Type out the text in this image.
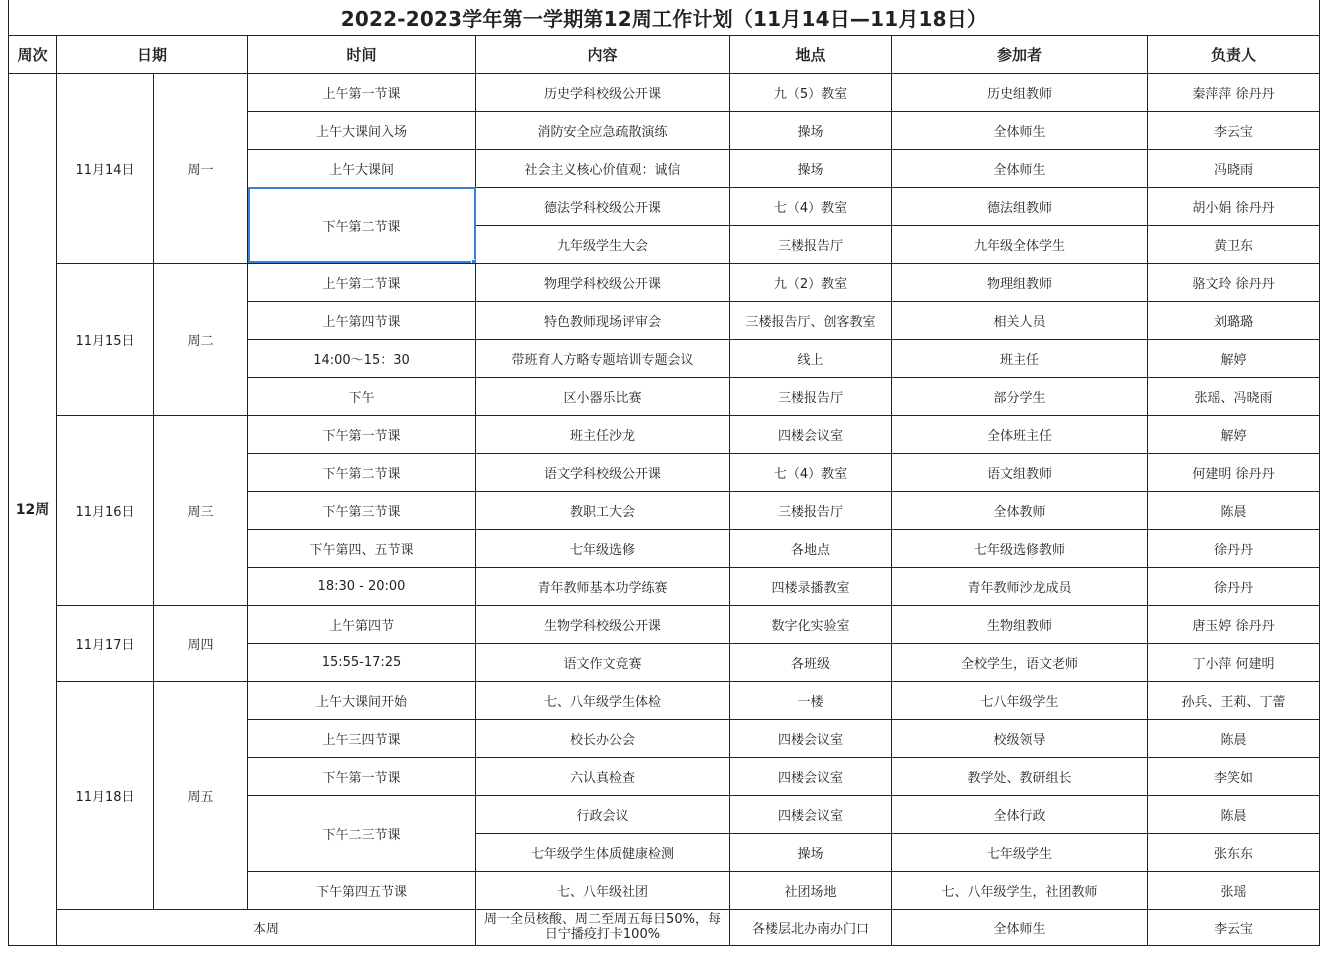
2022-2023学年第一学期第12周工作计划（11月14日—11月18日）							
周次	日期		时间	内容	地点	参加者	负责人
12周	11月14日	周一	上午第一节课	历史学科校级公开课	九（5）教室	历史组教师	秦萍萍 徐丹丹
			上午大课间入场	消防安全应急疏散演练	操场	全体师生	李云宝
			上午大课间	社会主义核心价值观：诚信	操场	全体师生	冯晓雨
			下午第二节课	德法学科校级公开课	七（4）教室	德法组教师	胡小娟 徐丹丹
				九年级学生大会	三楼报告厅	九年级全体学生	黄卫东
	11月15日	周二	上午第二节课	物理学科校级公开课	九（2）教室	物理组教师	骆文玲 徐丹丹
			上午第四节课	特色教师现场评审会	三楼报告厅、创客教室	相关人员	刘璐璐
			14:00～15：30	带班育人方略专题培训专题会议	线上	班主任	解婷
			下午	区小器乐比赛	三楼报告厅	部分学生	张瑶、冯晓雨
	11月16日	周三	下午第一节课	班主任沙龙	四楼会议室	全体班主任	解婷
			下午第二节课	语文学科校级公开课	七（4）教室	语文组教师	何建明 徐丹丹
			下午第三节课	教职工大会	三楼报告厅	全体教师	陈晨
			下午第四、五节课	七年级选修	各地点	七年级选修教师	徐丹丹
			18:30 - 20:00	青年教师基本功学练赛	四楼录播教室	青年教师沙龙成员	徐丹丹
	11月17日	周四	上午第四节	生物学科校级公开课	数字化实验室	生物组教师	唐玉婷 徐丹丹
			15:55-17:25	语文作文竞赛	各班级	全校学生，语文老师	丁小萍 何建明
	11月18日	周五	上午大课间开始	七、八年级学生体检	一楼	七八年级学生	孙兵、王莉、丁蕾
			上午三四节课	校长办公会	四楼会议室	校级领导	陈晨
			下午第一节课	六认真检查	四楼会议室	教学处、教研组长	李笑如
			下午二三节课	行政会议	四楼会议室	全体行政	陈晨
				七年级学生体质健康检测	操场	七年级学生	张东东
			下午第四五节课	七、八年级社团	社团场地	七、八年级学生，社团教师	张瑶
	本周			周一全员核酸、周二至周五每日50%，每日宁播疫打卡100%	各楼层北办南办门口	全体师生	李云宝
